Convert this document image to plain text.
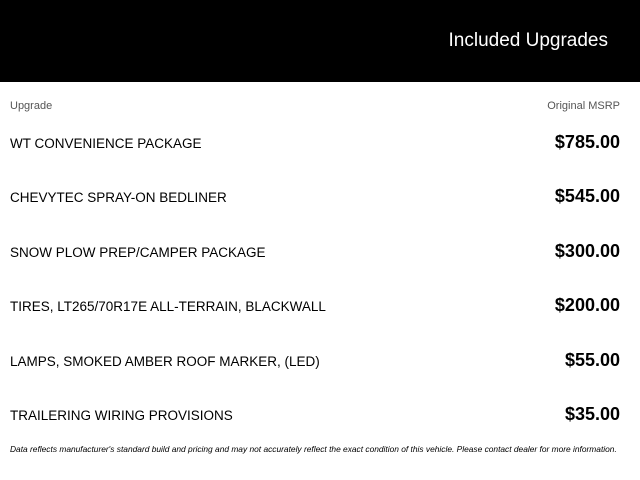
Included Upgrades
Upgrade	Original MSRP
WT CONVENIENCE PACKAGE	$785.00
CHEVYTEC SPRAY-ON BEDLINER	$545.00
SNOW PLOW PREP/CAMPER PACKAGE	$300.00
TIRES, LT265/70R17E ALL-TERRAIN, BLACKWALL	$200.00
LAMPS, SMOKED AMBER ROOF MARKER, (LED)	$55.00
TRAILERING WIRING PROVISIONS	$35.00
Data reflects manufacturer's standard build and pricing and may not accurately reflect the exact condition of this vehicle. Please contact dealer for more information.
